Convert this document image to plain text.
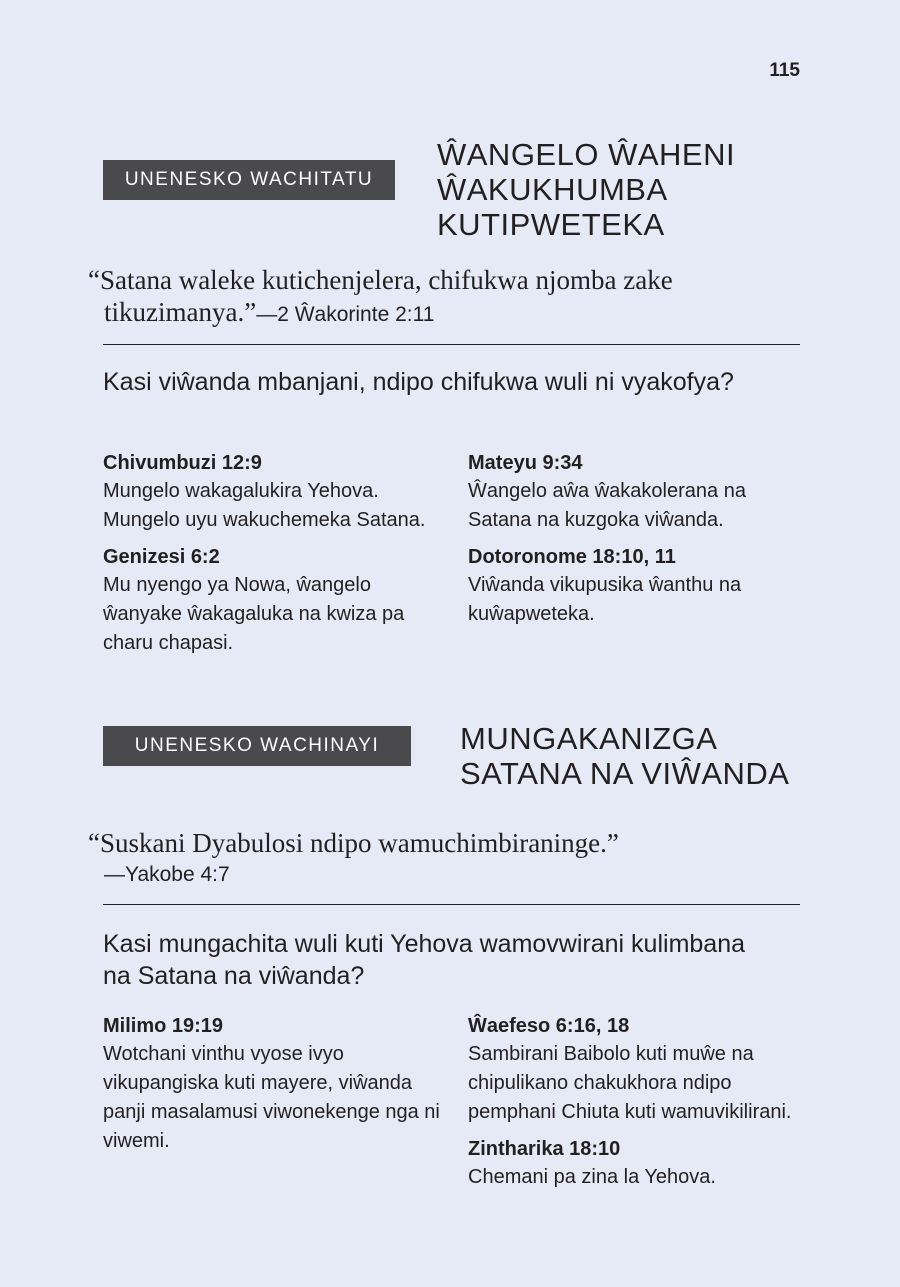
115
UNENESKO WACHITATU
ŴANGELO ŴAHENI
ŴAKUKHUMBA
KUTIPWETEKA
“Satana waleke kutichenjelera, chifukwa njomba zake
tikuzimanya.”—2 Ŵakorinte 2:11
Kasi viŵanda mbanjani, ndipo chifukwa wuli ni vyakofya?
Chivumbuzi 12:9
Mungelo wakagalukira Yehova. Mungelo uyu wakuchemeka Satana.
Genizesi 6:2
Mu nyengo ya Nowa, ŵangelo ŵanyake ŵakagaluka na kwiza pa charu chapasi.
Mateyu 9:34
Ŵangelo aŵa ŵakakolerana na Satana na kuzgoka viŵanda.
Dotoronome 18:10, 11
Viŵanda vikupusika ŵanthu na kuŵapweteka.
UNENESKO WACHINAYI	MUNGAKANIZGA
SATANA NA VIŴANDA
“Suskani Dyabulosi ndipo wamuchimbiraninge.”
—Yakobe 4:7
Kasi mungachita wuli kuti Yehova wamovwirani kulimbana na Satana na viŵanda?
Milimo 19:19
Wotchani vinthu vyose ivyo vikupangiska kuti mayere, viŵanda panji masalamusi viwonekenge nga ni viwemi.
Ŵaefeso 6:16, 18
Sambirani Baibolo kuti muŵe na chipulikano chakukhora ndipo pemphani Chiuta kuti wamuvikilirani.
Zintharika 18:10
Chemani pa zina la Yehova.
